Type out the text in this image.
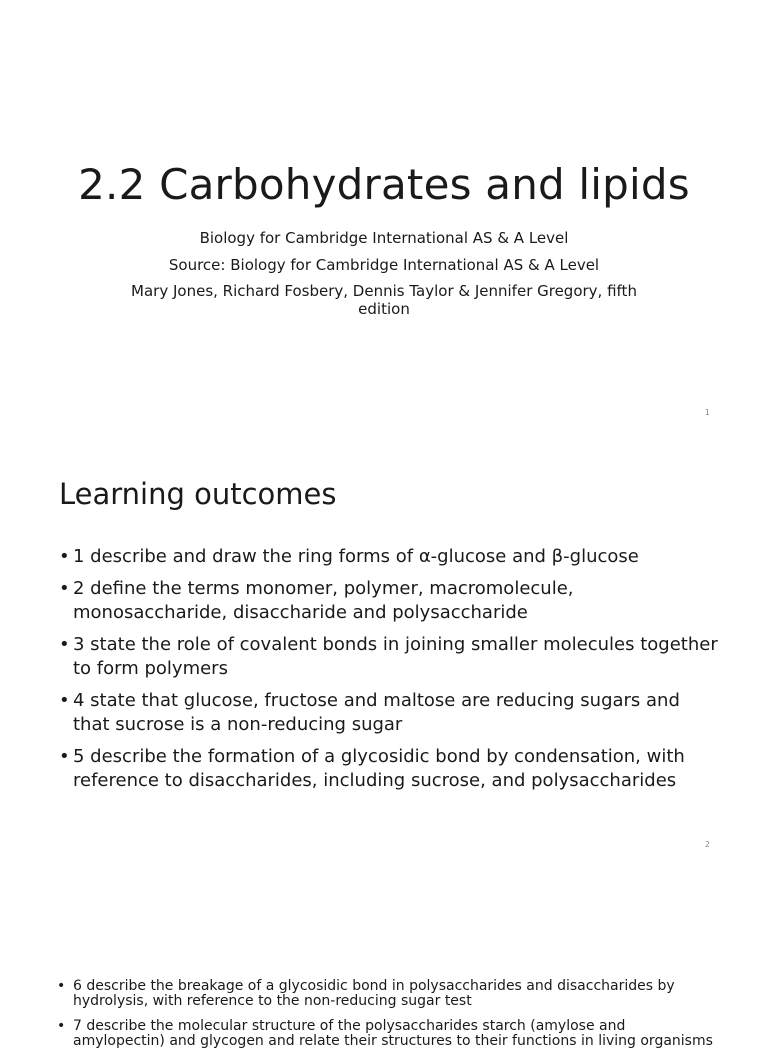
2.2 Carbohydrates and lipids
Biology for Cambridge International AS & A Level
Source: Biology for Cambridge International AS & A Level
Mary Jones, Richard Fosbery, Dennis Taylor & Jennifer Gregory, fifth edition
1
Learning outcomes
• 1 describe and draw the ring forms of α-glucose and β-glucose
• 2 define the terms monomer, polymer, macromolecule, monosaccharide, disaccharide and polysaccharide
• 3 state the role of covalent bonds in joining smaller molecules together to form polymers
• 4 state that glucose, fructose and maltose are reducing sugars and that sucrose is a non-reducing sugar
• 5 describe the formation of a glycosidic bond by condensation, with reference to disaccharides, including sucrose, and polysaccharides
2
• 6 describe the breakage of a glycosidic bond in polysaccharides and disaccharides by hydrolysis, with reference to the non-reducing sugar test
• 7 describe the molecular structure of the polysaccharides starch (amylose and amylopectin) and glycogen and relate their structures to their functions in living organisms
